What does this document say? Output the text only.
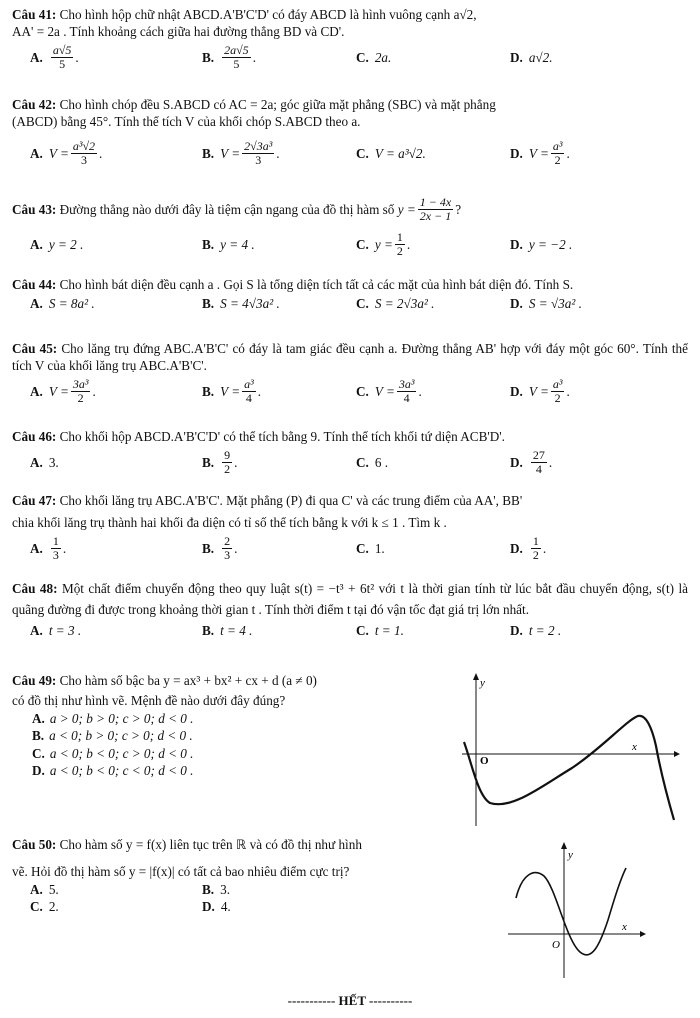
Câu 41: Cho hình hộp chữ nhật ABCD.A'B'C'D' có đáy ABCD là hình vuông cạnh a√2,

AA' = 2a . Tính khoảng cách giữa hai đường thẳng BD và CD'.

A. $\frac{a√5}{5}$ .	B. $\frac{2a√5}{5}$ .	C. 2a.	D. a√2.

Câu 42: Cho hình chóp đều S.ABCD có AC = 2a; góc giữa mặt phẳng (SBC) và mặt phẳng

(ABCD) bằng 45°. Tính thể tích V của khối chóp S.ABCD theo a.

A. $V = \frac{\text{a³√2}}{3}$ .	B. $V = \frac{\text{2√3a³}}{3}$ .	C. V = a³√2.	D. $V = \frac{\text{a³}}{2}$ .

Câu 43:
Đường thẳng nào dưới đây là tiệm cận ngang của đồ thị hàm số
$y = \frac{1 - 4x}{2x - 1}$ ?

A. y = 2 .	B. y = 4 .	C. $y = \frac{1}{2}$ .	D. y = −2 .

Câu 44: Cho hình bát diện đều cạnh a . Gọi S là tổng diện tích tất cả các mặt của hình bát diện đó. Tính S.

A. S = 8a² .	B. S = 4√3a² .	C. S = 2√3a² .	D. S = √3a² .

Câu 45: Cho lăng trụ đứng ABC.A'B'C' có đáy là tam giác đều cạnh a. Đường thẳng AB' hợp với đáy một góc 60°. Tính thể tích V của khối lăng trụ ABC.A'B'C'.

A. $V = \frac{\text{3a³}}{2}$ .	B. $V = \frac{\text{a³}}{4}$ .	C. $V = \frac{\text{3a³}}{4}$ .	D. $V = \frac{\text{a³}}{2}$ .

Câu 46: Cho khối hộp ABCD.A'B'C'D' có thể tích bằng 9. Tính thể tích khối tứ diện ACB'D'.

A. 3.	B. $\frac{9}{2}$ .	C. 6 .	D. $\frac{27}{4}$ .

Câu 47: Cho khối lăng trụ ABC.A'B'C'. Mặt phẳng (P) đi qua C' và các trung điểm của AA', BB'

chia khối lăng trụ thành hai khối đa diện có tỉ số thể tích bằng k với k ≤ 1 . Tìm k .

A. $\frac{1}{3}$ .	B. $\frac{2}{3}$ .	C. 1.	D. $\frac{1}{2}$ .

Câu 48: Một chất điểm chuyển động theo quy luật s(t) = −t³ + 6t² với t là thời gian tính từ lúc bắt đầu chuyển động, s(t) là quãng đường đi được trong khoảng thời gian t . Tính thời điểm t tại đó vận tốc đạt giá trị lớn nhất.

A. t = 3 .	B. t = 4 .	C. t = 1.	D. t = 2 .

Câu 49: Cho hàm số bậc ba y = ax³ + bx² + cx + d (a ≠ 0)

có đồ thị như hình vẽ. Mệnh đề nào dưới đây đúng?

A. a > 0; b > 0; c > 0; d < 0 .
B. a < 0; b > 0; c > 0; d < 0 .
C. a < 0; b < 0; c > 0; d < 0 .
D. a < 0; b < 0; c < 0; d < 0 .
y
O
x

Câu 50: Cho hàm số y = f(x) liên tục trên ℝ và có đồ thị như hình

vẽ. Hỏi đồ thị hàm số y = |f(x)| có tất cả bao nhiêu điểm cực trị?

A. 5.	B. 3.
C. 2.	D. 4.
y
O
x
----------- HẾT ----------
